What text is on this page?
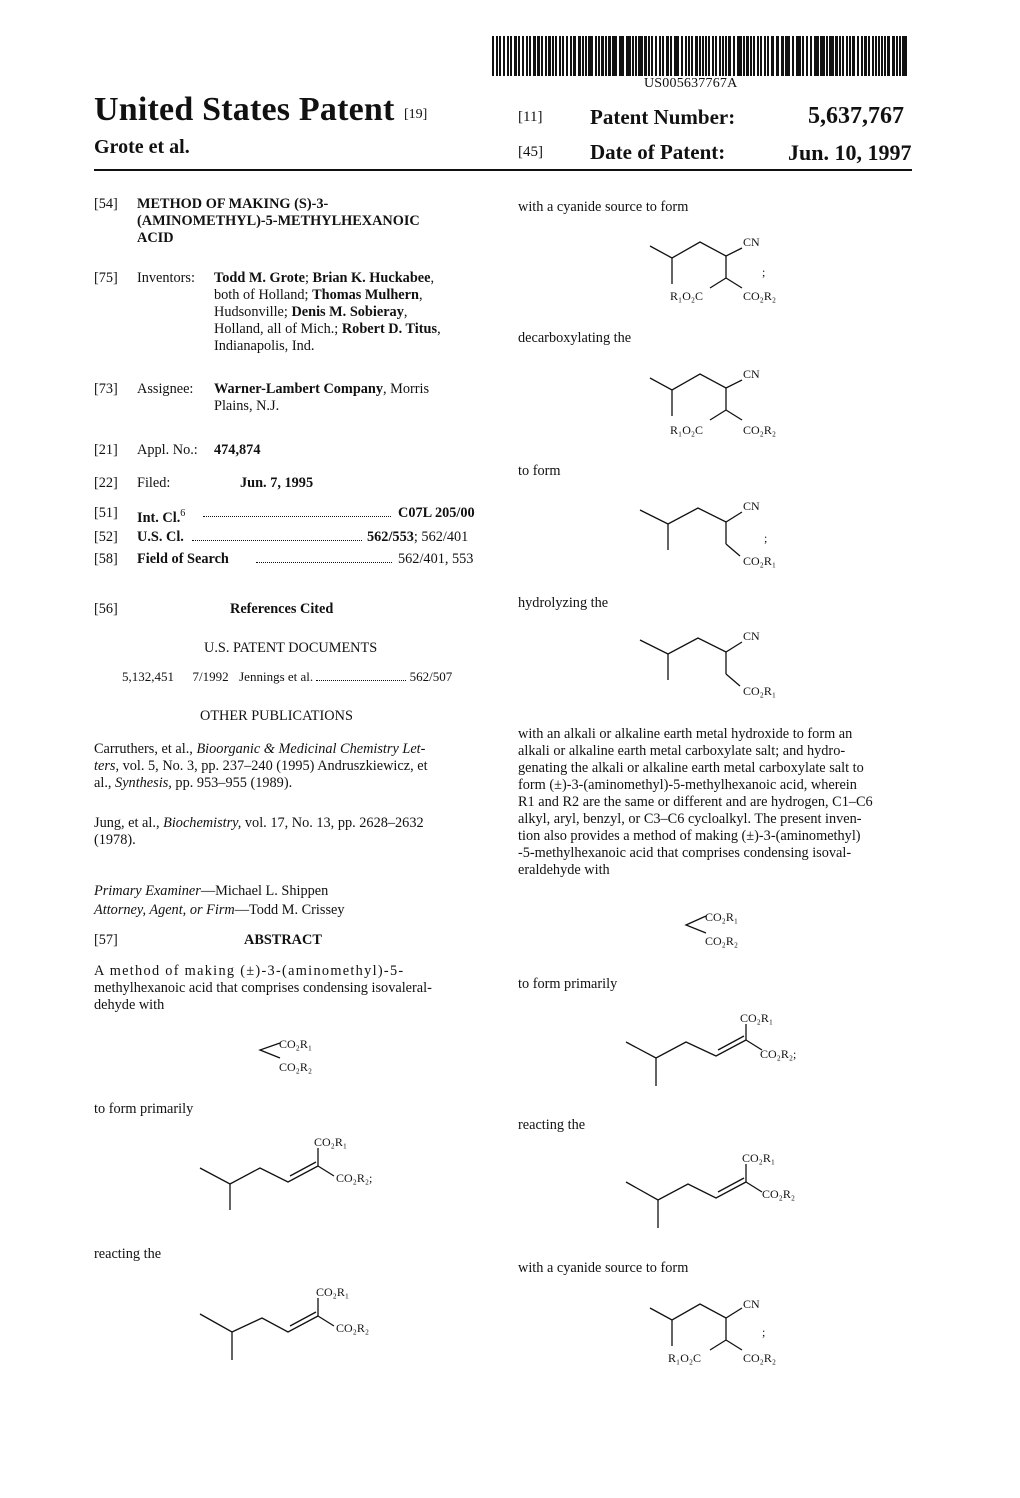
US005637767A
United States Patent [19]
Grote et al.
[11] Patent Number:	5,637,767
[45] Date of Patent:	Jun. 10, 1997
[54] METHOD OF MAKING (S)-3-
(AMINOMETHYL)-5-METHYLHEXANOIC
ACID
[75] Inventors: Todd M. Grote; Brian K. Huckabee,
both of Holland; Thomas Mulhern,
Hudsonville; Denis M. Sobieray,
Holland, all of Mich.; Robert D. Titus,
Indianapolis, Ind.
[73] Assignee: Warner-Lambert Company, Morris
Plains, N.J.
[21] Appl. No.: 474,874
[22] Filed:	Jun. 7, 1995
[51] Int. Cl.$^6$	C07L 205/00
[52] U.S. Cl.	562/553; 562/401
[58] Field of Search	562/401, 553
[56]	References Cited
U.S. PATENT DOCUMENTS
5,132,451 7/1992 Jennings et al.	562/507
OTHER PUBLICATIONS
Carruthers, et al., Bioorganic & Medicinal Chemistry Let-
ters, vol. 5, No. 3, pp. 237–240 (1995) Andruszkiewicz, et
al., Synthesis, pp. 953–955 (1989).
Jung, et al., Biochemistry, vol. 17, No. 13, pp. 2628–2632
(1978).
Primary Examiner—Michael L. Shippen
Attorney, Agent, or Firm—Todd M. Crissey
[57]	ABSTRACT
A method of making (±)-3-(aminomethyl)-5-
methylhexanoic acid that comprises condensing isovaleral-
dehyde with
CO₂R₁
CO₂R₂
to form primarily
CO₂R₁
CO₂R₂;
reacting the
CO₂R₁
CO₂R₂
with a cyanide source to form
CN
;
R₁O₂C	CO₂R₂
decarboxylating the
CN
R₁O₂C	CO₂R₂
to form
CN
;
CO₂R₁
hydrolyzing the
CN
CO₂R₁
with an alkali or alkaline earth metal hydroxide to form an
alkali or alkaline earth metal carboxylate salt; and hydro-
genating the alkali or alkaline earth metal carboxylate salt to
form (±)-3-(aminomethyl)-5-methylhexanoic acid, wherein
R1 and R2 are the same or different and are hydrogen, C1–C6
alkyl, aryl, benzyl, or C3–C6 cycloalkyl. The present inven-
tion also provides a method of making (±)-3-(aminomethyl)
-5-methylhexanoic acid that comprises condensing isoval-
eraldehyde with
CO₂R₁
CO₂R₂
to form primarily
CO₂R₁
CO₂R₂;
reacting the
CO₂R₁
CO₂R₂
with a cyanide source to form
CN
;
R₁O₂C	CO₂R₂
